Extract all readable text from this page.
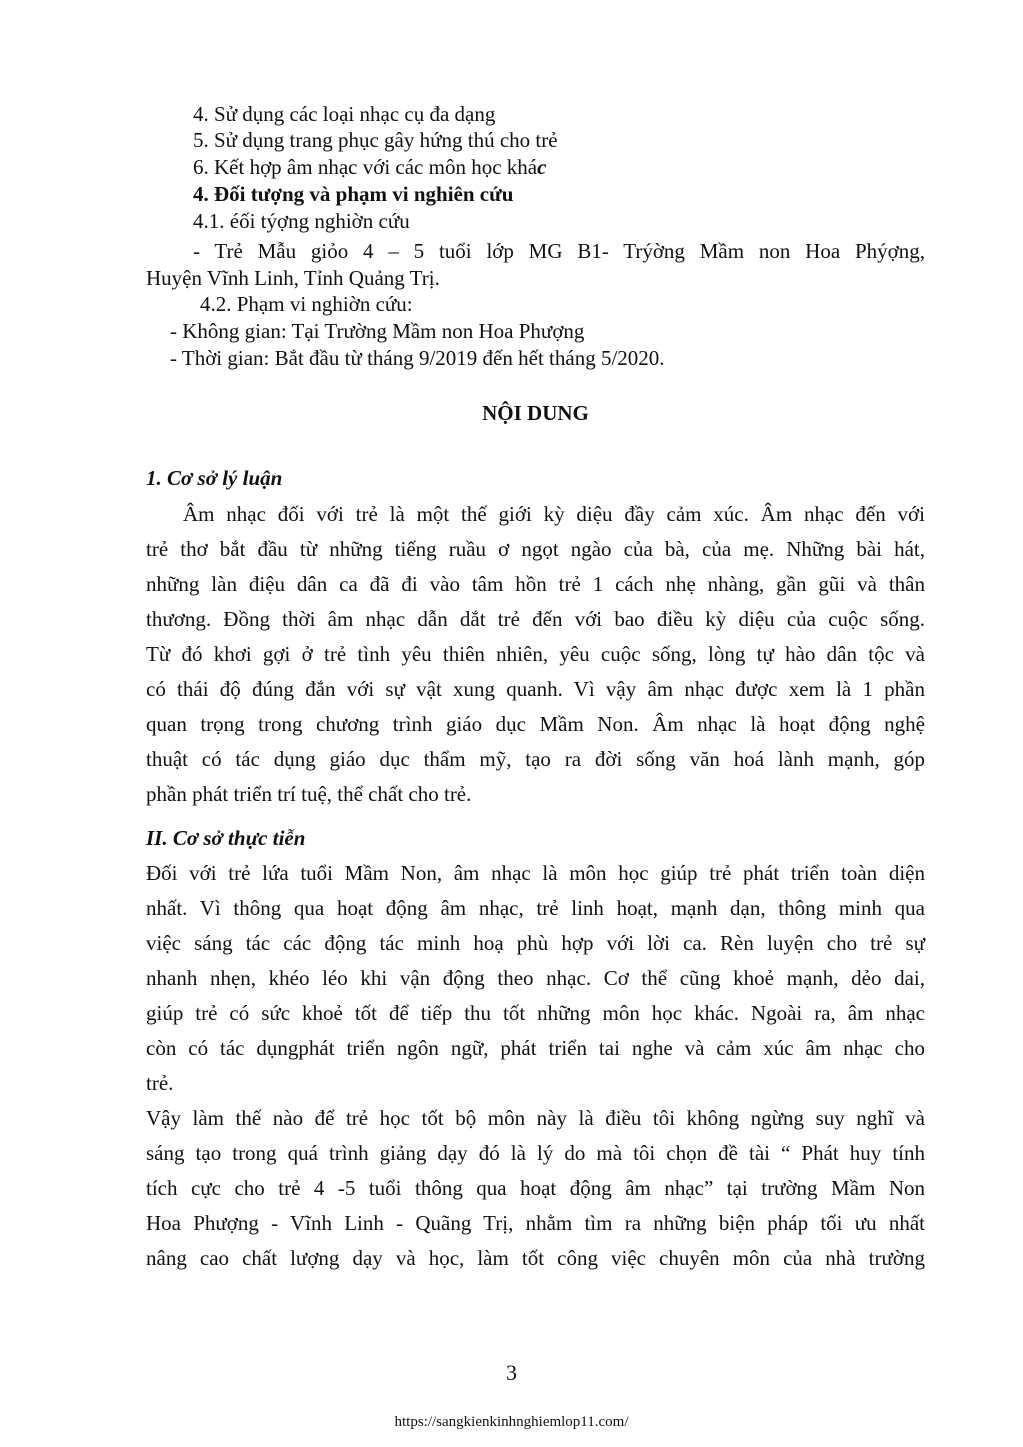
4. Sử dụng các loại nhạc cụ đa dạng
5. Sử dụng trang phục gây hứng thú cho trẻ
6. Kết hợp âm nhạc với các môn học khác
4. Đối tượng và phạm vi nghiên cứu
4.1. éối týợng nghiờn cứu
- Trẻ Mẫu giỏo 4 – 5 tuổi lớp MG B1- Trýờng Mầm non Hoa Phýợng,
Huyện Vĩnh Linh, Tỉnh Quảng Trị.
4.2. Phạm vi nghiờn cứu:
- Không gian: Tại Trường Mầm non Hoa Phượng
- Thời gian: Bắt đầu từ tháng 9/2019 đến hết tháng 5/2020.
NỘI DUNG
1. Cơ sở lý luận
Âm nhạc đối với trẻ là một thế giới kỳ diệu đầy cảm xúc. Âm nhạc đến với
trẻ thơ bắt đầu từ những tiếng ruầu ơ ngọt ngào của bà, của mẹ. Những bài hát,
những làn điệu dân ca đã đi vào tâm hồn trẻ 1 cách nhẹ nhàng, gần gũi và thân
thương. Đồng thời âm nhạc dẫn dắt trẻ đến với bao điều kỳ diệu của cuộc sống.
Từ đó khơi gợi ở trẻ tình yêu thiên nhiên, yêu cuộc sống, lòng tự hào dân tộc và
có thái độ đúng đắn với sự vật xung quanh. Vì vậy âm nhạc được xem là 1 phần
quan trọng trong chương trình giáo dục Mầm Non. Âm nhạc là hoạt động nghệ
thuật có tác dụng giáo dục thẩm mỹ, tạo ra đời sống văn hoá lành mạnh, góp
phần phát triển trí tuệ, thể chất cho trẻ.
II. Cơ sở thực tiễn
Đối với trẻ lứa tuổi Mầm Non, âm nhạc là môn học giúp trẻ phát triển toàn diện
nhất. Vì thông qua hoạt động âm nhạc, trẻ linh hoạt, mạnh dạn, thông minh qua
việc sáng tác các động tác minh hoạ phù hợp với lời ca. Rèn luyện cho trẻ sự
nhanh nhẹn, khéo léo khi vận động theo nhạc. Cơ thể cũng khoẻ mạnh, dẻo dai,
giúp trẻ có sức khoẻ tốt để tiếp thu tốt những môn học khác. Ngoài ra, âm nhạc
còn có tác dụngphát triển ngôn ngữ, phát triển tai nghe và cảm xúc âm nhạc cho
trẻ.
Vậy làm thế nào để trẻ học tốt bộ môn này là điều tôi không ngừng suy nghĩ và
sáng tạo trong quá trình giảng dạy đó là lý do mà tôi chọn đề tài “ Phát huy tính
tích cực cho trẻ 4 -5 tuổi thông qua hoạt động âm nhạc” tại trường Mầm Non
Hoa Phượng - Vĩnh Linh - Quãng Trị, nhằm tìm ra những biện pháp tối ưu nhất
nâng cao chất lượng dạy và học, làm tốt công việc chuyên môn của nhà trường
3
https://sangkienkinhnghiemlop11.com/
